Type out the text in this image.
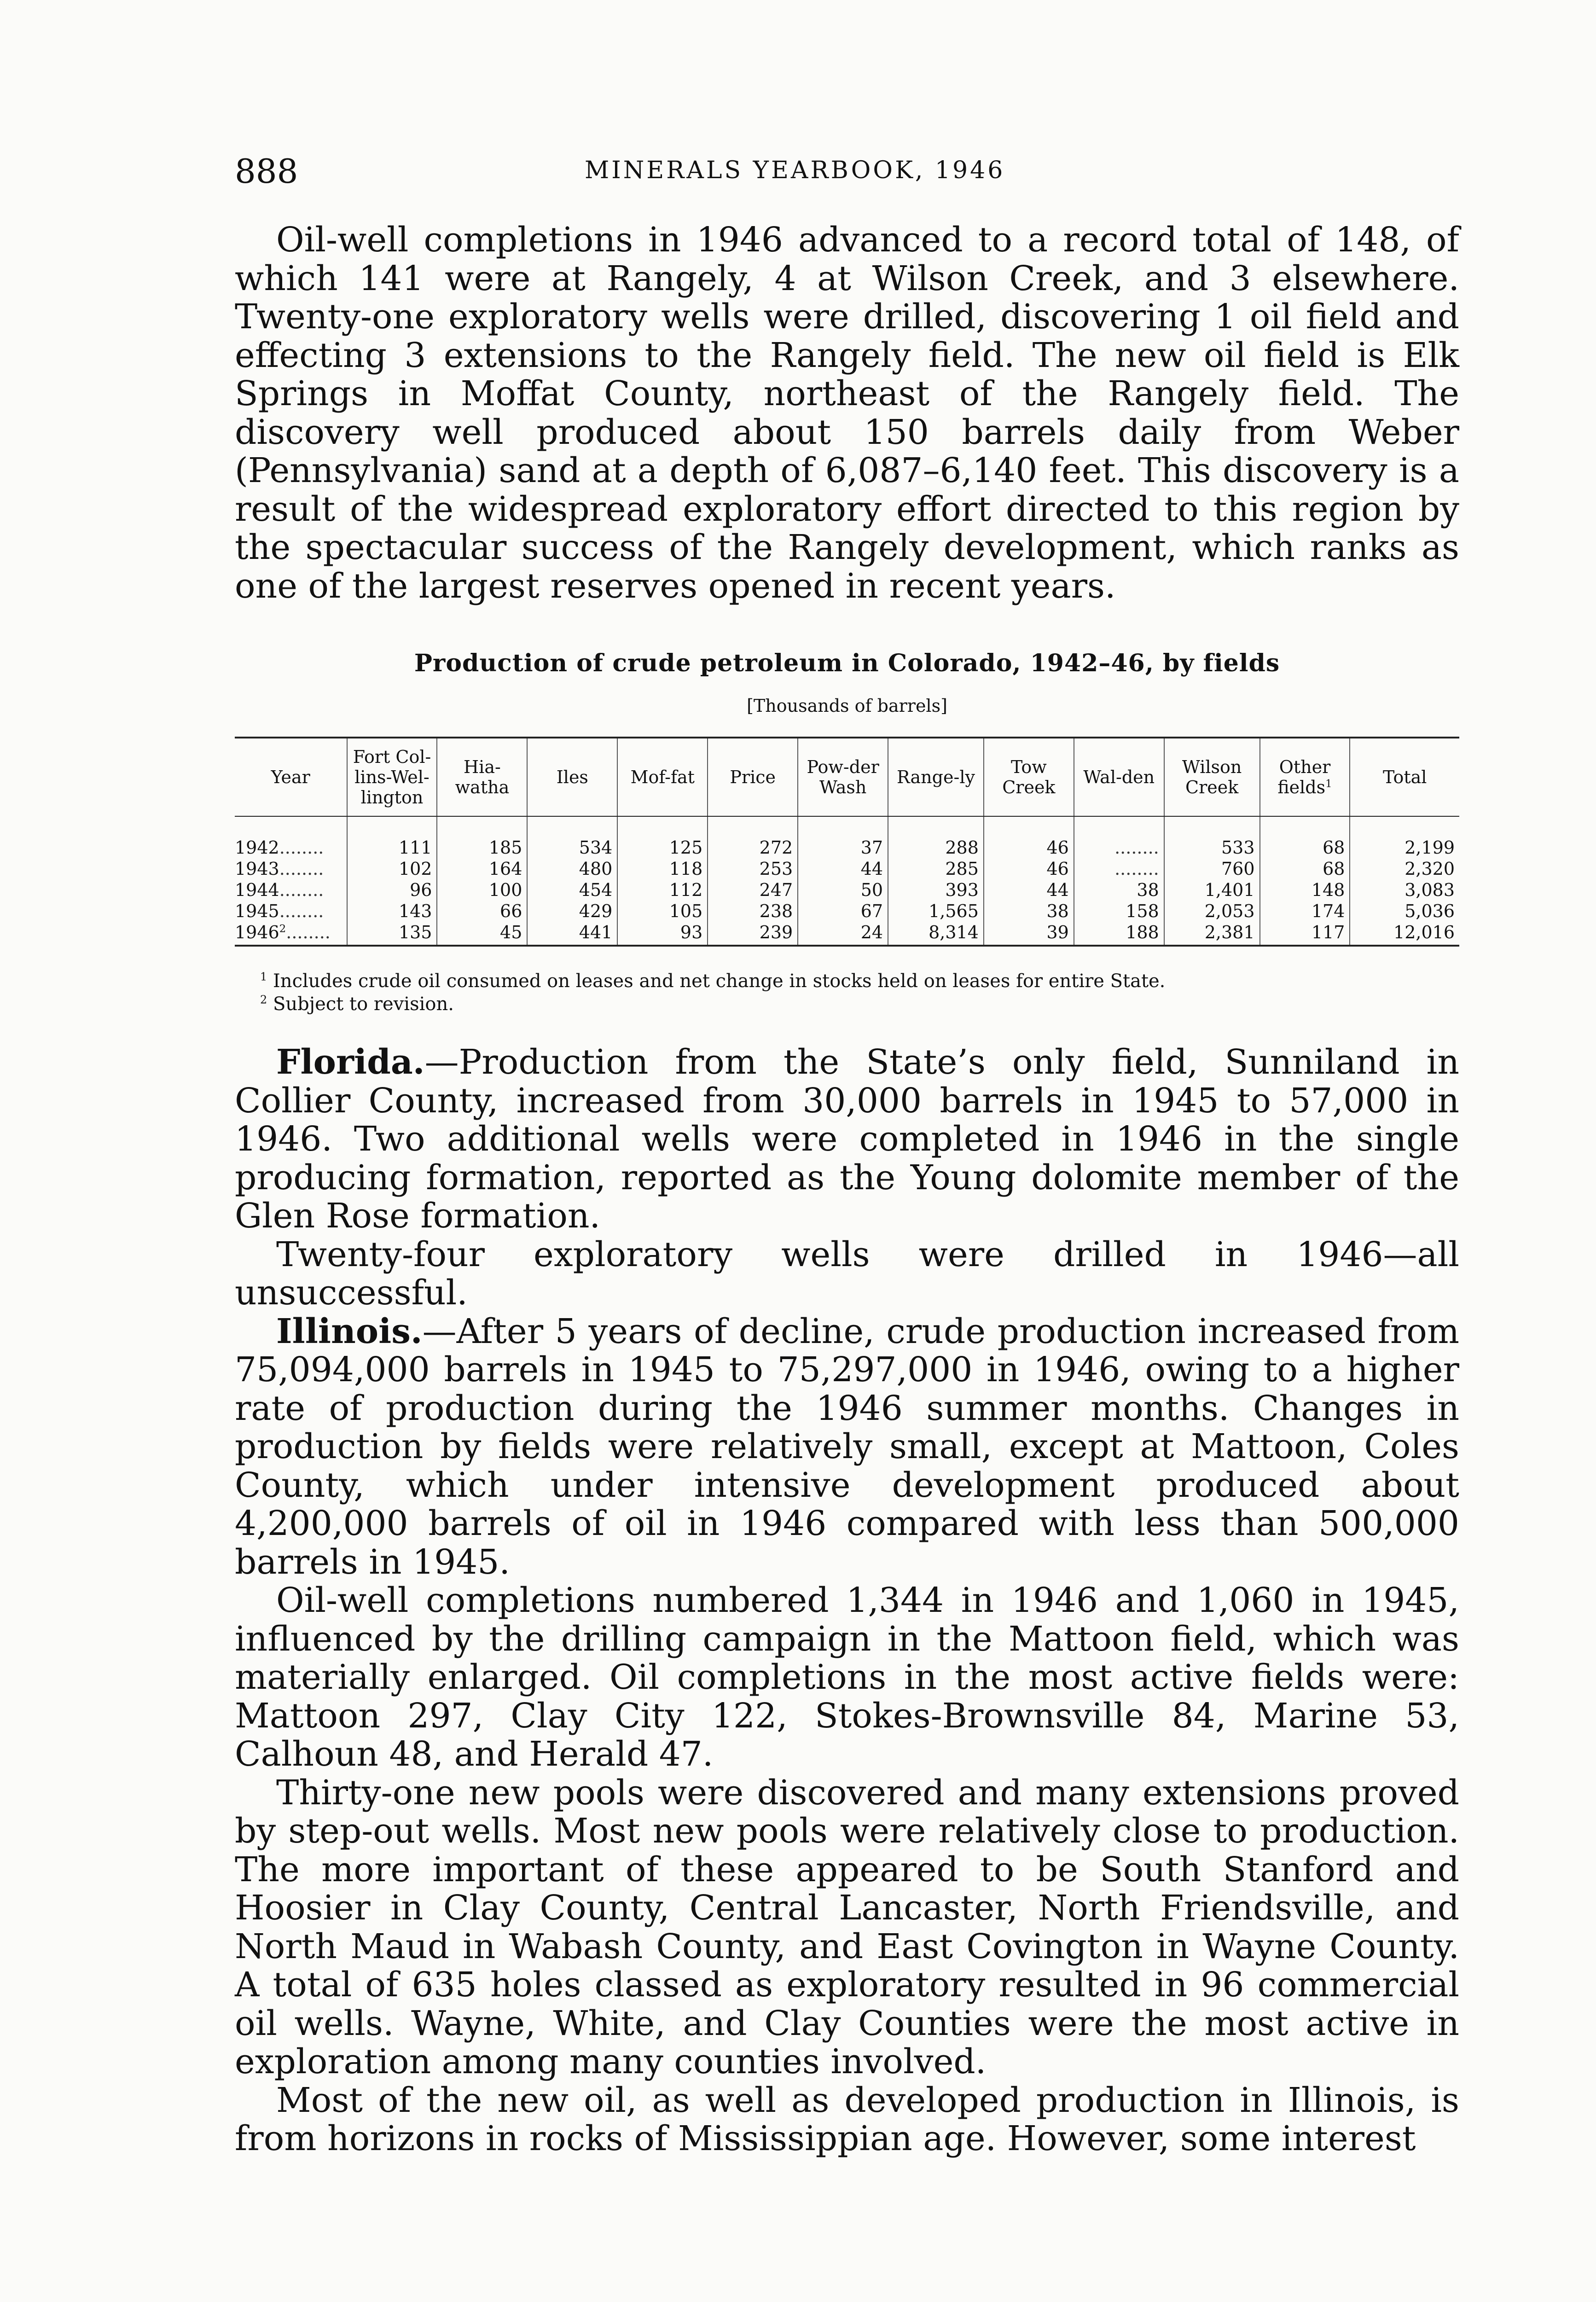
888	MINERALS YEARBOOK, 1946

Oil-well completions in 1946 advanced to a record total of 148, of which 141 were at Rangely, 4 at Wilson Creek, and 3 elsewhere. Twenty-one exploratory wells were drilled, discovering 1 oil field and effecting 3 extensions to the Rangely field. The new oil field is Elk Springs in Moffat County, northeast of the Rangely field. The discovery well produced about 150 barrels daily from Weber (Pennsylvania) sand at a depth of 6,087–6,140 feet. This discovery is a result of the widespread exploratory effort directed to this region by the spectacular success of the Rangely development, which ranks as one of the largest reserves opened in recent years.

Production of crude petroleum in Colorado, 1942–46, by fields
[Thousands of barrels]
Year	Fort Col-lins-Wel-lington	Hia-watha	Iles	Mof-fat	Price	Pow-der Wash	Range-ly	Tow Creek	Wal-den	Wilson Creek	Other fields$^1$	Total
1942........	111	185	534	125	272	37	288	46	........	533	68	2,199
1943........	102	164	480	118	253	44	285	46	........	760	68	2,320
1944........	96	100	454	112	247	50	393	44	38	1,401	148	3,083
1945........	143	66	429	105	238	67	1,565	38	158	2,053	174	5,036
1946$^2$........	135	45	441	93	239	24	8,314	39	188	2,381	117	12,016
$^1$ Includes crude oil consumed on leases and net change in stocks held on leases for entire State.
$^2$ Subject to revision.

Florida.—Production from the State’s only field, Sunniland in Collier County, increased from 30,000 barrels in 1945 to 57,000 in 1946. Two additional wells were completed in 1946 in the single producing formation, reported as the Young dolomite member of the Glen Rose formation.

Twenty-four exploratory wells were drilled in 1946—all unsuccessful.

Illinois.—After 5 years of decline, crude production increased from 75,094,000 barrels in 1945 to 75,297,000 in 1946, owing to a higher rate of production during the 1946 summer months. Changes in production by fields were relatively small, except at Mattoon, Coles County, which under intensive development produced about 4,200,000 barrels of oil in 1946 compared with less than 500,000 barrels in 1945.

Oil-well completions numbered 1,344 in 1946 and 1,060 in 1945, influenced by the drilling campaign in the Mattoon field, which was materially enlarged. Oil completions in the most active fields were: Mattoon 297, Clay City 122, Stokes-Brownsville 84, Marine 53, Calhoun 48, and Herald 47.

Thirty-one new pools were discovered and many extensions proved by step-out wells. Most new pools were relatively close to production. The more important of these appeared to be South Stanford and Hoosier in Clay County, Central Lancaster, North Friendsville, and North Maud in Wabash County, and East Covington in Wayne County. A total of 635 holes classed as exploratory resulted in 96 commercial oil wells. Wayne, White, and Clay Counties were the most active in exploration among many counties involved.

Most of the new oil, as well as developed production in Illinois, is from horizons in rocks of Mississippian age. However, some interest
